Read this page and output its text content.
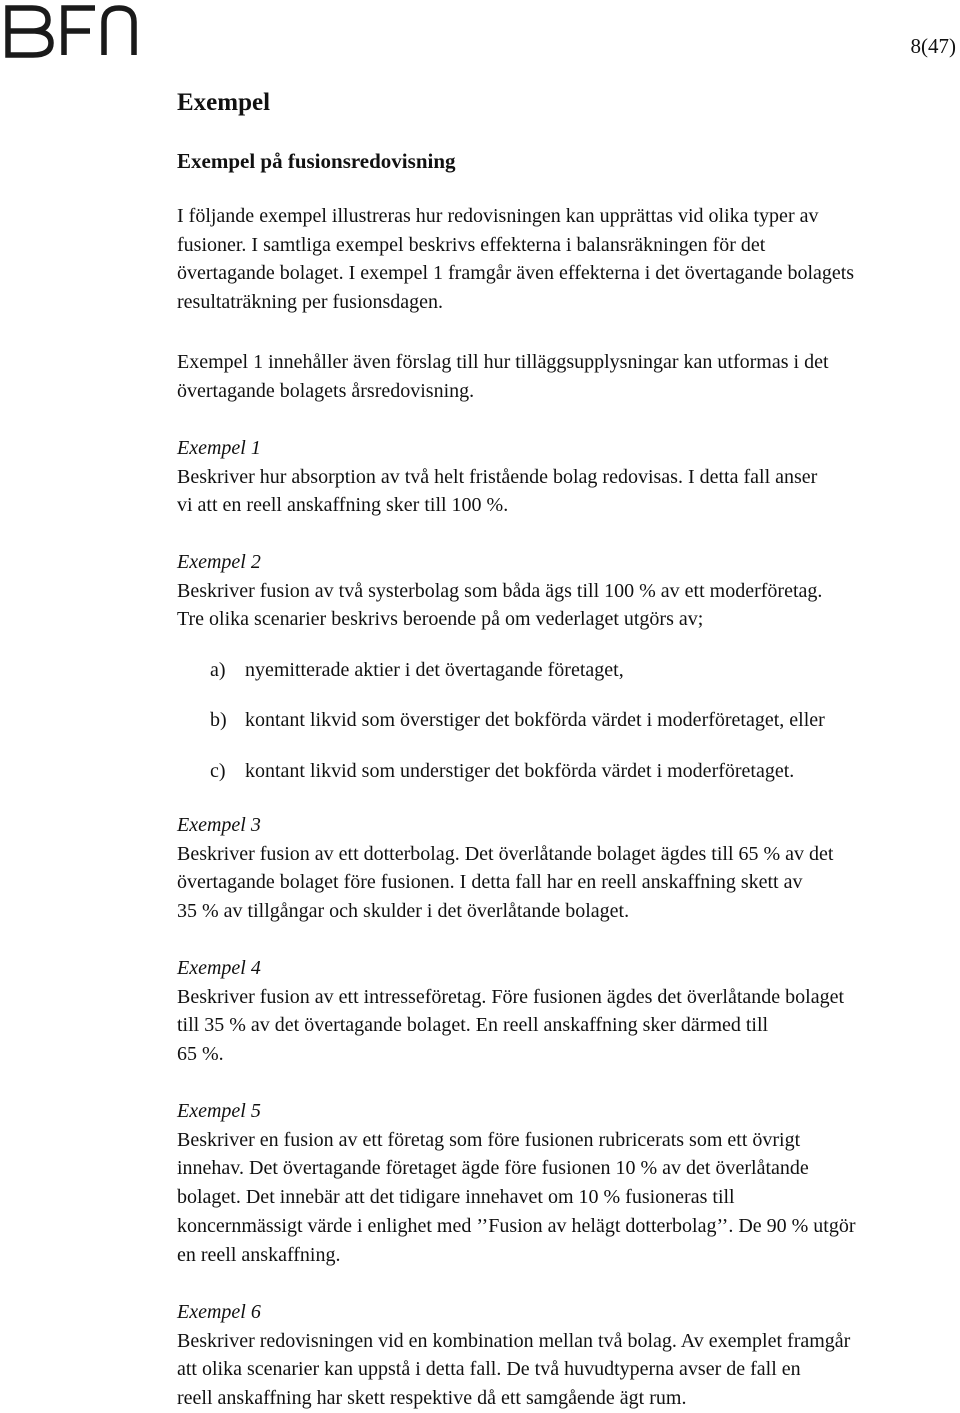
8(47)
Exempel
Exempel på fusionsredovisning

I följande exempel illustreras hur redovisningen kan upprättas vid olika typer av
fusioner. I samtliga exempel beskrivs effekterna i balansräkningen för det
övertagande bolaget. I exempel 1 framgår även effekterna i det övertagande bolagets
resultaträkning per fusionsdagen.

Exempel 1 innehåller även förslag till hur tilläggsupplysningar kan utformas i det
övertagande bolagets årsredovisning.

Exempel 1
Beskriver hur absorption av två helt fristående bolag redovisas. I detta fall anser
vi att en reell anskaffning sker till 100 %.

Exempel 2
Beskriver fusion av två systerbolag som båda ägs till 100 % av ett moderföretag.
Tre olika scenarier beskrivs beroende på om vederlaget utgörs av;

a) nyemitterade aktier i det övertagande företaget,

b) kontant likvid som överstiger det bokförda värdet i moderföretaget, eller

c) kontant likvid som understiger det bokförda värdet i moderföretaget.

Exempel 3
Beskriver fusion av ett dotterbolag. Det överlåtande bolaget ägdes till 65 % av det
övertagande bolaget före fusionen. I detta fall har en reell anskaffning skett av
35 % av tillgångar och skulder i det överlåtande bolaget.

Exempel 4
Beskriver fusion av ett intresseföretag. Före fusionen ägdes det överlåtande bolaget
till 35 % av det övertagande bolaget. En reell anskaffning sker därmed till
65 %.

Exempel 5
Beskriver en fusion av ett företag som före fusionen rubricerats som ett övrigt
innehav. Det övertagande företaget ägde före fusionen 10 % av det överlåtande
bolaget. Det innebär att det tidigare innehavet om 10 % fusioneras till
koncernmässigt värde i enlighet med ’’Fusion av helägt dotterbolag’’. De 90 % utgör
en reell anskaffning.

Exempel 6
Beskriver redovisningen vid en kombination mellan två bolag. Av exemplet framgår
att olika scenarier kan uppstå i detta fall. De två huvudtyperna avser de fall en
reell anskaffning har skett respektive då ett samgående ägt rum.
